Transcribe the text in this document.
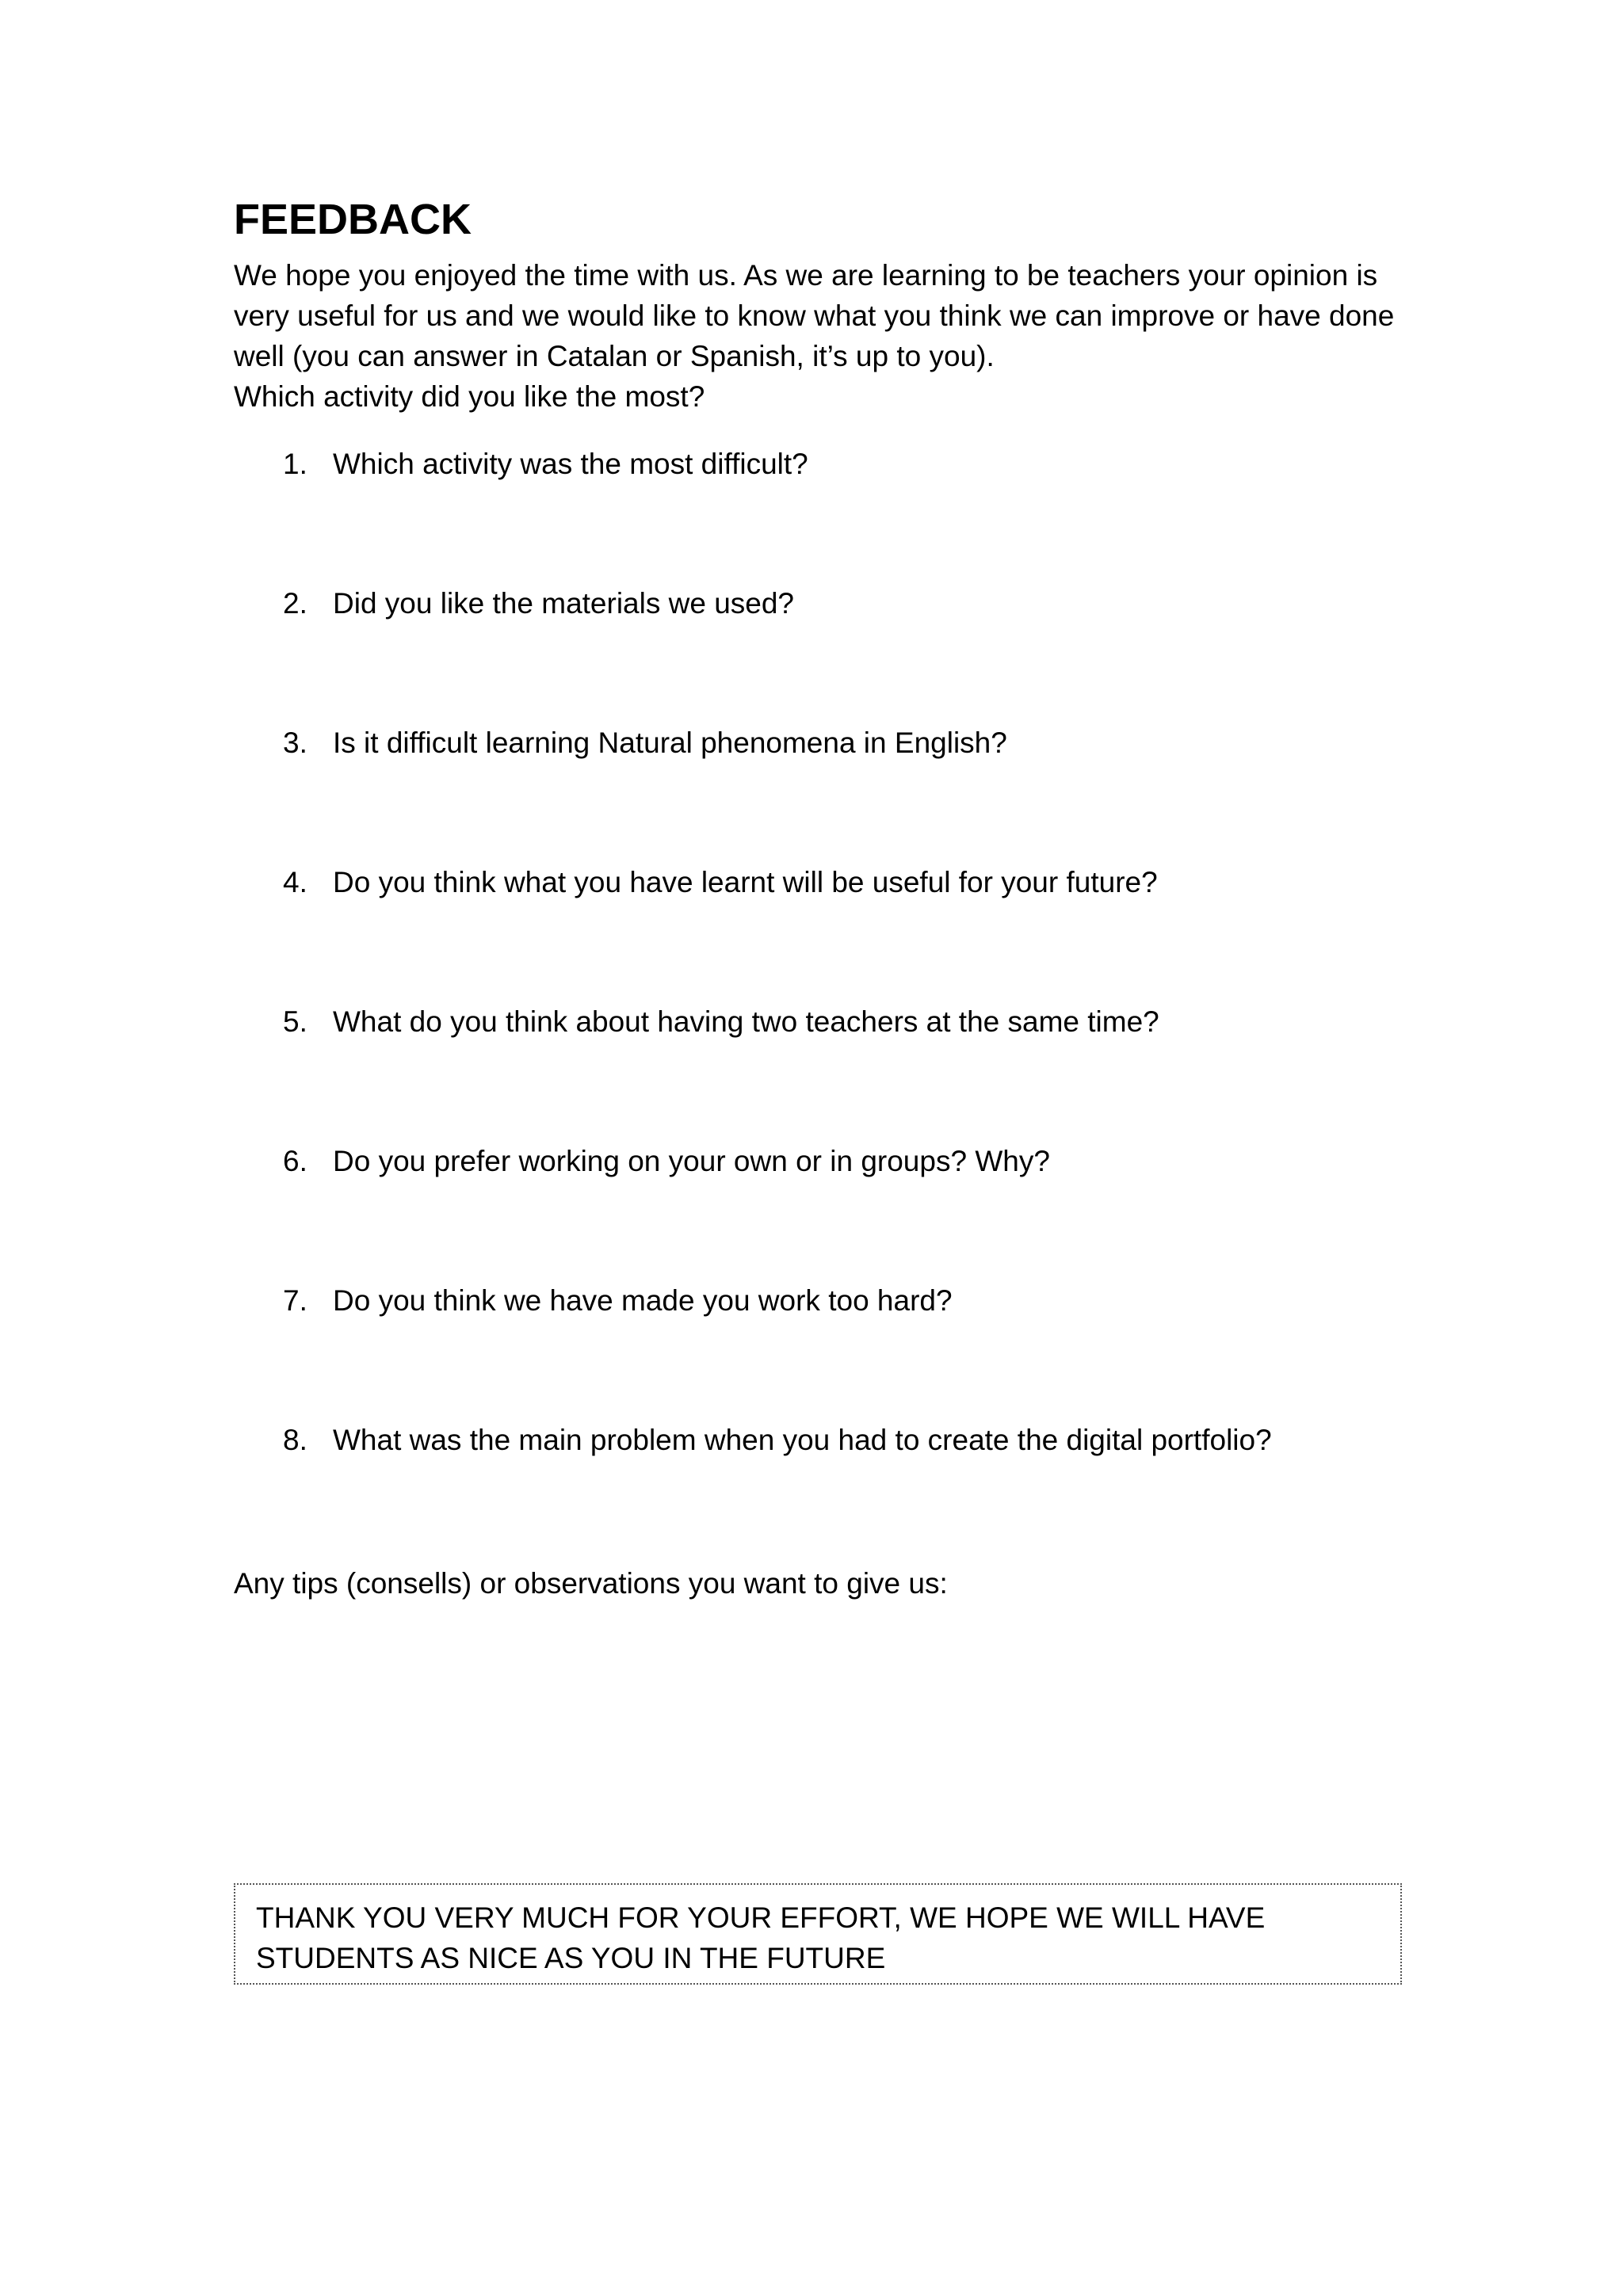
FEEDBACK

We hope you enjoyed the time with us. As we are learning to be teachers your opinion is very useful for us and we would like to know what you think we can improve or have done well (you can answer in Catalan or Spanish, it’s up to you).

Which activity did you like the most?

1. Which activity was the most difficult?
2. Did you like the materials we used?
3. Is it difficult learning Natural phenomena in English?
4. Do you think what you have learnt will be useful for your future?
5. What do you think about having two teachers at the same time?
6. Do you prefer working on your own or in groups? Why?
7. Do you think we have made you work too hard?
8. What was the main problem when you had to create the digital portfolio?

Any tips (consells) or observations you want to give us:

THANK YOU VERY MUCH FOR YOUR EFFORT, WE HOPE WE WILL HAVE STUDENTS AS NICE AS YOU IN THE FUTURE
